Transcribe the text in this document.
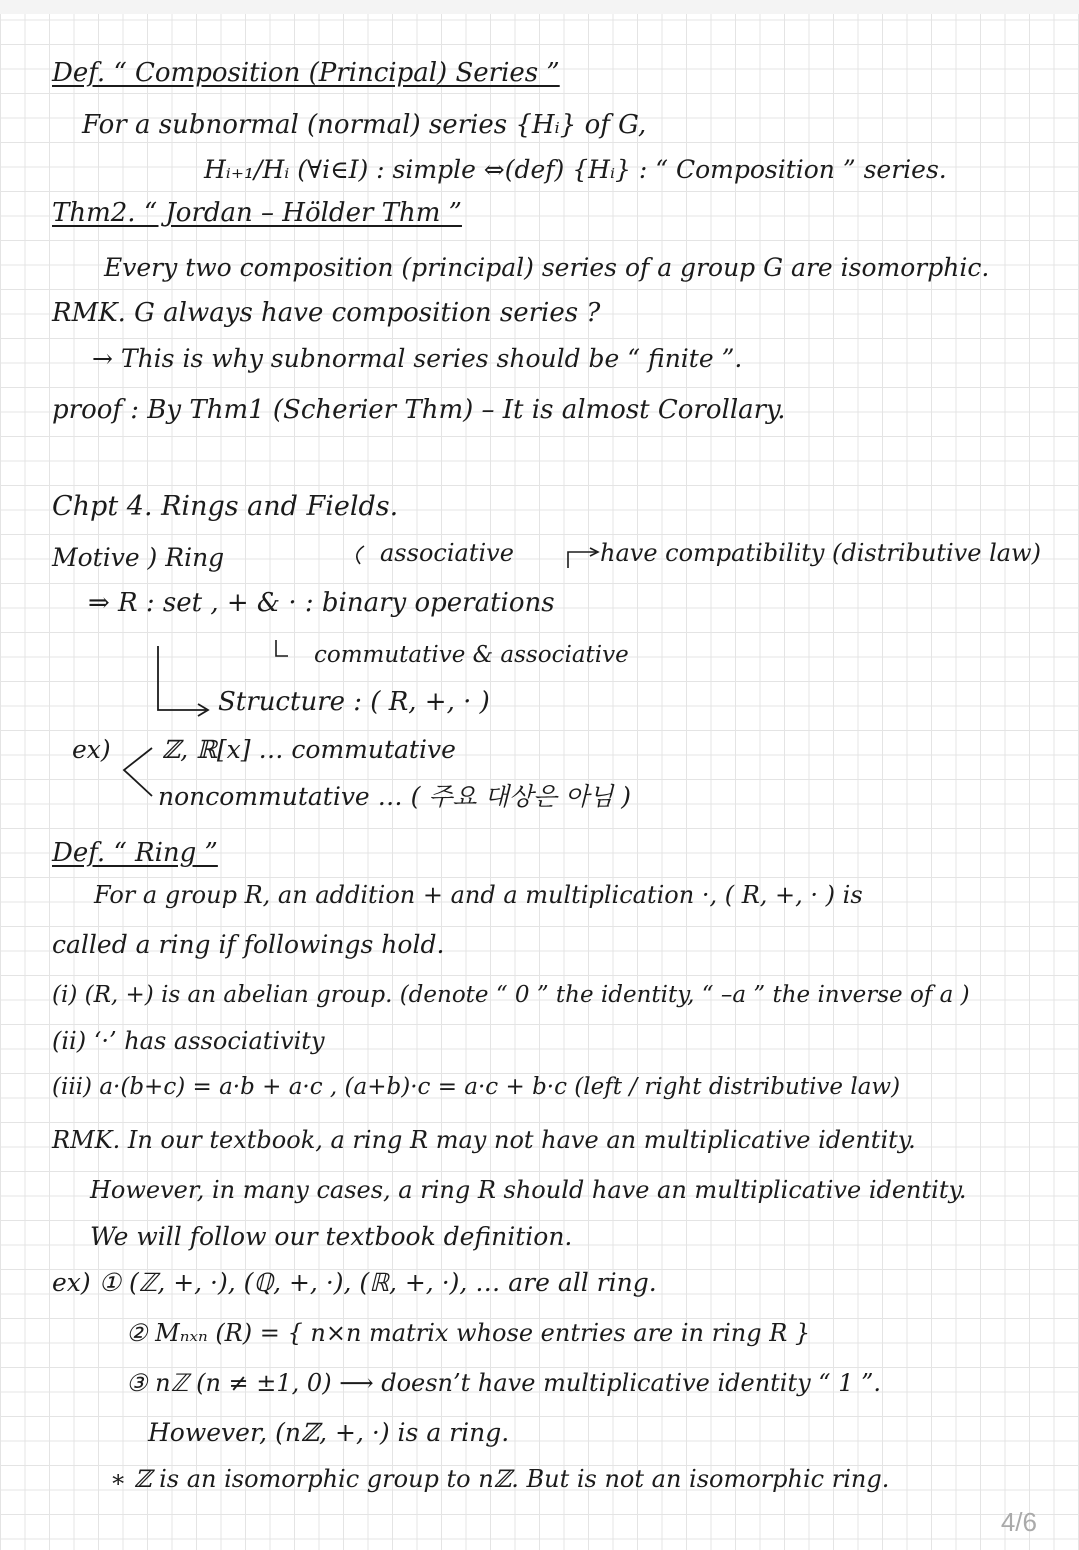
Def. “ Composition (Principal) Series ”
For a subnormal (normal) series {Hᵢ} of G,
Hᵢ₊₁/Hᵢ (∀i∈I) : simple ⇔(def) {Hᵢ} : “ Composition ” series.
Thm2. “ Jordan – Hölder Thm ”
Every two composition (principal) series of a group G are isomorphic.
RMK. G always have composition series ?
→ This is why subnormal series should be “ finite ”.
proof : By Thm1 (Scherier Thm) – It is almost Corollary.
Chpt 4. Rings and Fields.
associative	have compatibility (distributive law)
Motive ) Ring
⇒ R : set , + & · : binary operations
commutative & associative
Structure : ( R, +, · )
ex) ℤ, ℝ[x] … commutative
noncommutative … ( 주요 대상은 아님 )
Def. “ Ring ”
For a group R, an addition + and a multiplication ·, ( R, +, · ) is
called a ring if followings hold.
(i) (R, +) is an abelian group. (denote “ 0 ” the identity, “ –a ” the inverse of a )
(ii) ‘·’ has associativity
(iii) a·(b+c) = a·b + a·c , (a+b)·c = a·c + b·c (left / right distributive law)
RMK. In our textbook, a ring R may not have an multiplicative identity.
However, in many cases, a ring R should have an multiplicative identity.
We will follow our textbook definition.
ex) ① (ℤ, +, ·), (ℚ, +, ·), (ℝ, +, ·), … are all ring.
② Mₙₓₙ (R) = { n×n matrix whose entries are in ring R }
③ nℤ (n ≠ ±1, 0) ⟶ doesn’t have multiplicative identity “ 1 ”.
However, (nℤ, +, ·) is a ring.
∗ ℤ is an isomorphic group to nℤ. But is not an isomorphic ring.
4/6
